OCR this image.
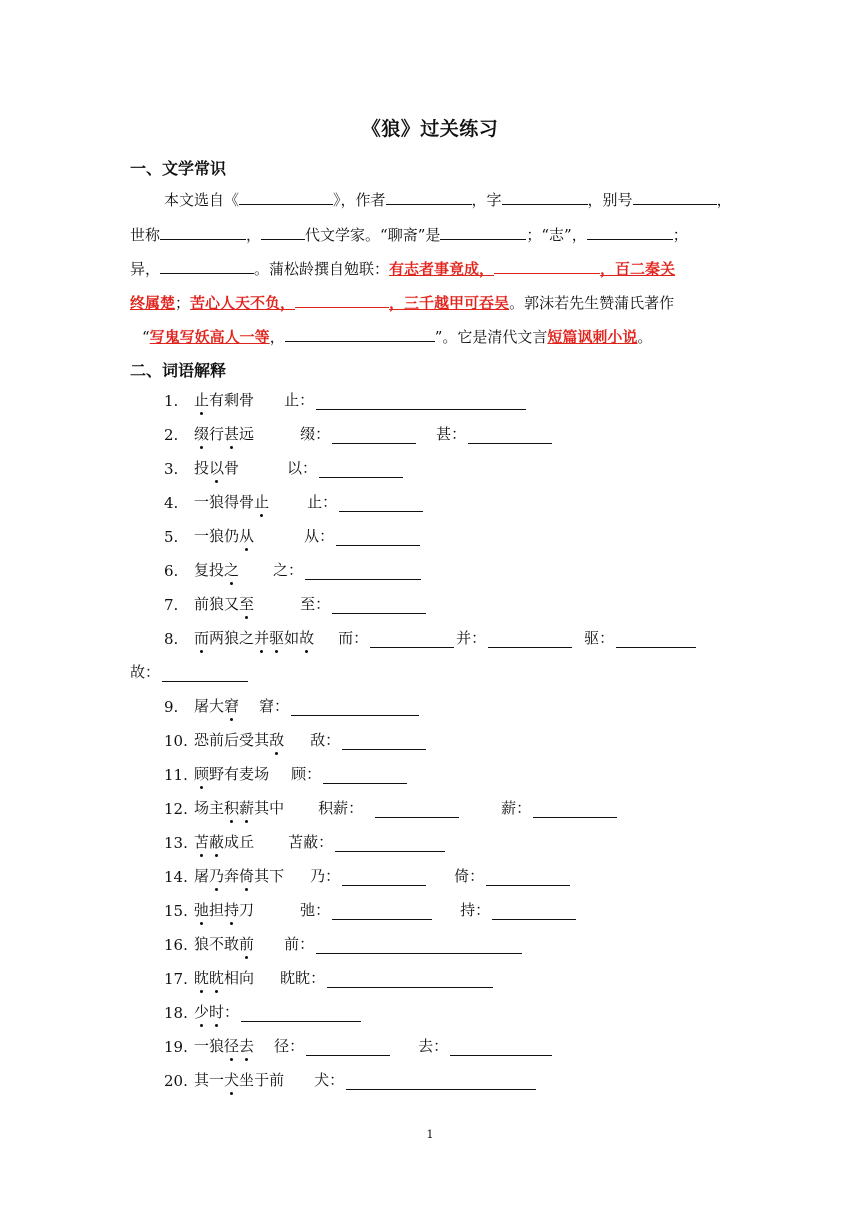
《狼》过关练习
一、文学常识
本文选自《	》，作者	，字	，别号	，
世称	，	代文学家。“聊斋”是	；“志”，	；
异，	。蒲松龄撰自勉联：有志者事竟成，	，百二秦关
终属楚；苦心人天不负，	，三千越甲可吞吴。郭沫若先生赞蒲氏著作
“写鬼写妖高人一等，	”。它是清代文言短篇讽刺小说。
二、词语解释
1.	止有剩骨 止：
2.	缀行甚远	缀：	甚：
3.	投以骨	以：
4.	一狼得骨止	止：
5.	一狼仍从	从：
6.	复投之 之：
7.	前狼又至	至：
8.	而两狼之并驱如故 而：	并：	驱：
故：
9.	屠大窘 窘：
10. 恐前后受其敌 敌：
11. 顾野有麦场 顾：
12. 场主积薪其中 积薪：	薪：
13. 苫蔽成丘 苫蔽：
14. 屠乃奔倚其下 乃：	倚：
15. 弛担持刀	弛：	持：
16. 狼不敢前 前：
17. 眈眈相向 眈眈：
18. 少时 ：
19. 一狼径去 径：	去：
20. 其一犬坐于前 犬：
1
